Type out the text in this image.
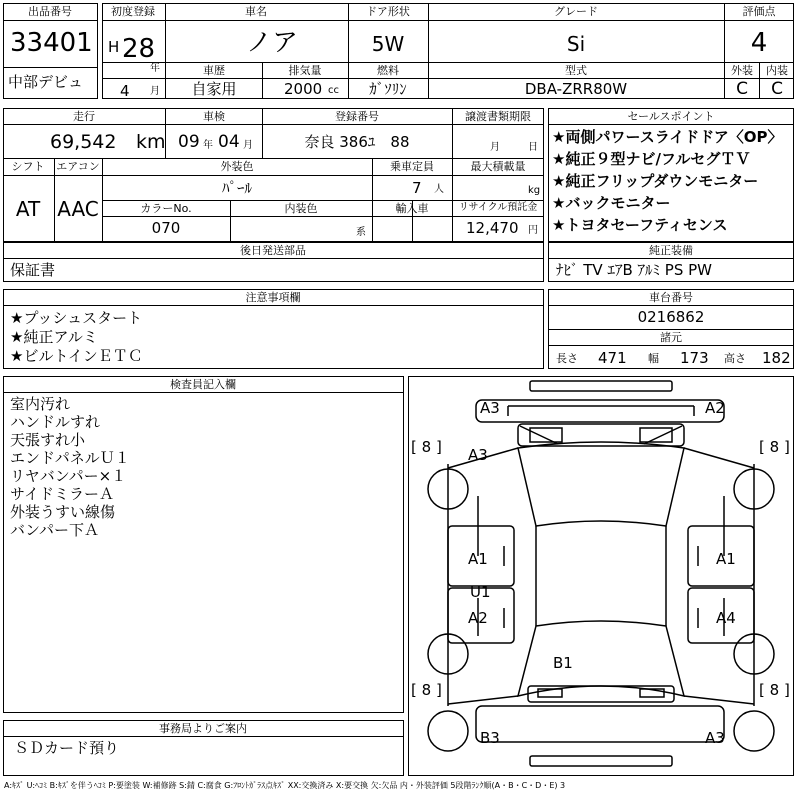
出品番号
33401
中部デビュ
初度登録
H 28
年
4 月
車名
ノア
ドア形状
5W
グレード
Si
評価点
4
車歴
自家用
排気量
2000 cc
燃料
ｶﾞｿﾘﾝ
型式
DBA-ZRR80W
外装 内装
C C
走行
69,542 km
車検
09 年 04 月
登録番号
奈良 386ﾕ　88
譲渡書類期限
月	日
シフト
AT
エアコン
AAC
外装色
ﾊﾟｰﾙ
乗車定員
7 人
最大積載量
kg
カラーNo.
070
内装色
系
輸入車	リサイクル預託金
12,470 円
セールスポイント
★両側パワースライドドア〈OP〉
★純正９型ナビ/フルセグＴＶ
★純正フリップダウンモニター
★バックモニター
★トヨタセーフティセンス
後日発送部品
保証書
純正装備
ﾅﾋﾞ TV ｴｱB ｱﾙﾐ PS PW
注意事項欄
★プッシュスタート
★純正アルミ
★ビルトインＥＴＣ
車台番号
0216862
諸元
長さ 471 幅 173 高さ 182
検査員記入欄
室内汚れ
ハンドルすれ
天張すれ小
エンドパネルＵ１
リヤバンパー×１
サイドミラーＡ
外装うすい線傷
バンパー下Ａ
事務局よりご案内
ＳＤカード預り
A3	A2
A3
A1	A1
U1
A2	A4
B1
B3	A3
[ 8 ]	[ 8 ]
[ 8 ]	[ 8 ]
A:ｷｽﾞ U:ﾍｺﾐ B:ｷｽﾞを伴うﾍｺﾐ P:要塗装 W:補修跡 S:錆 C:腐食 G:ﾌﾛﾝﾄｶﾞﾗｽ点ｷｽﾞ XX:交換済み X:要交換 欠:欠品 内・外装評価 5段階ﾗﾝｸ順(A・B・C・D・E) 3
